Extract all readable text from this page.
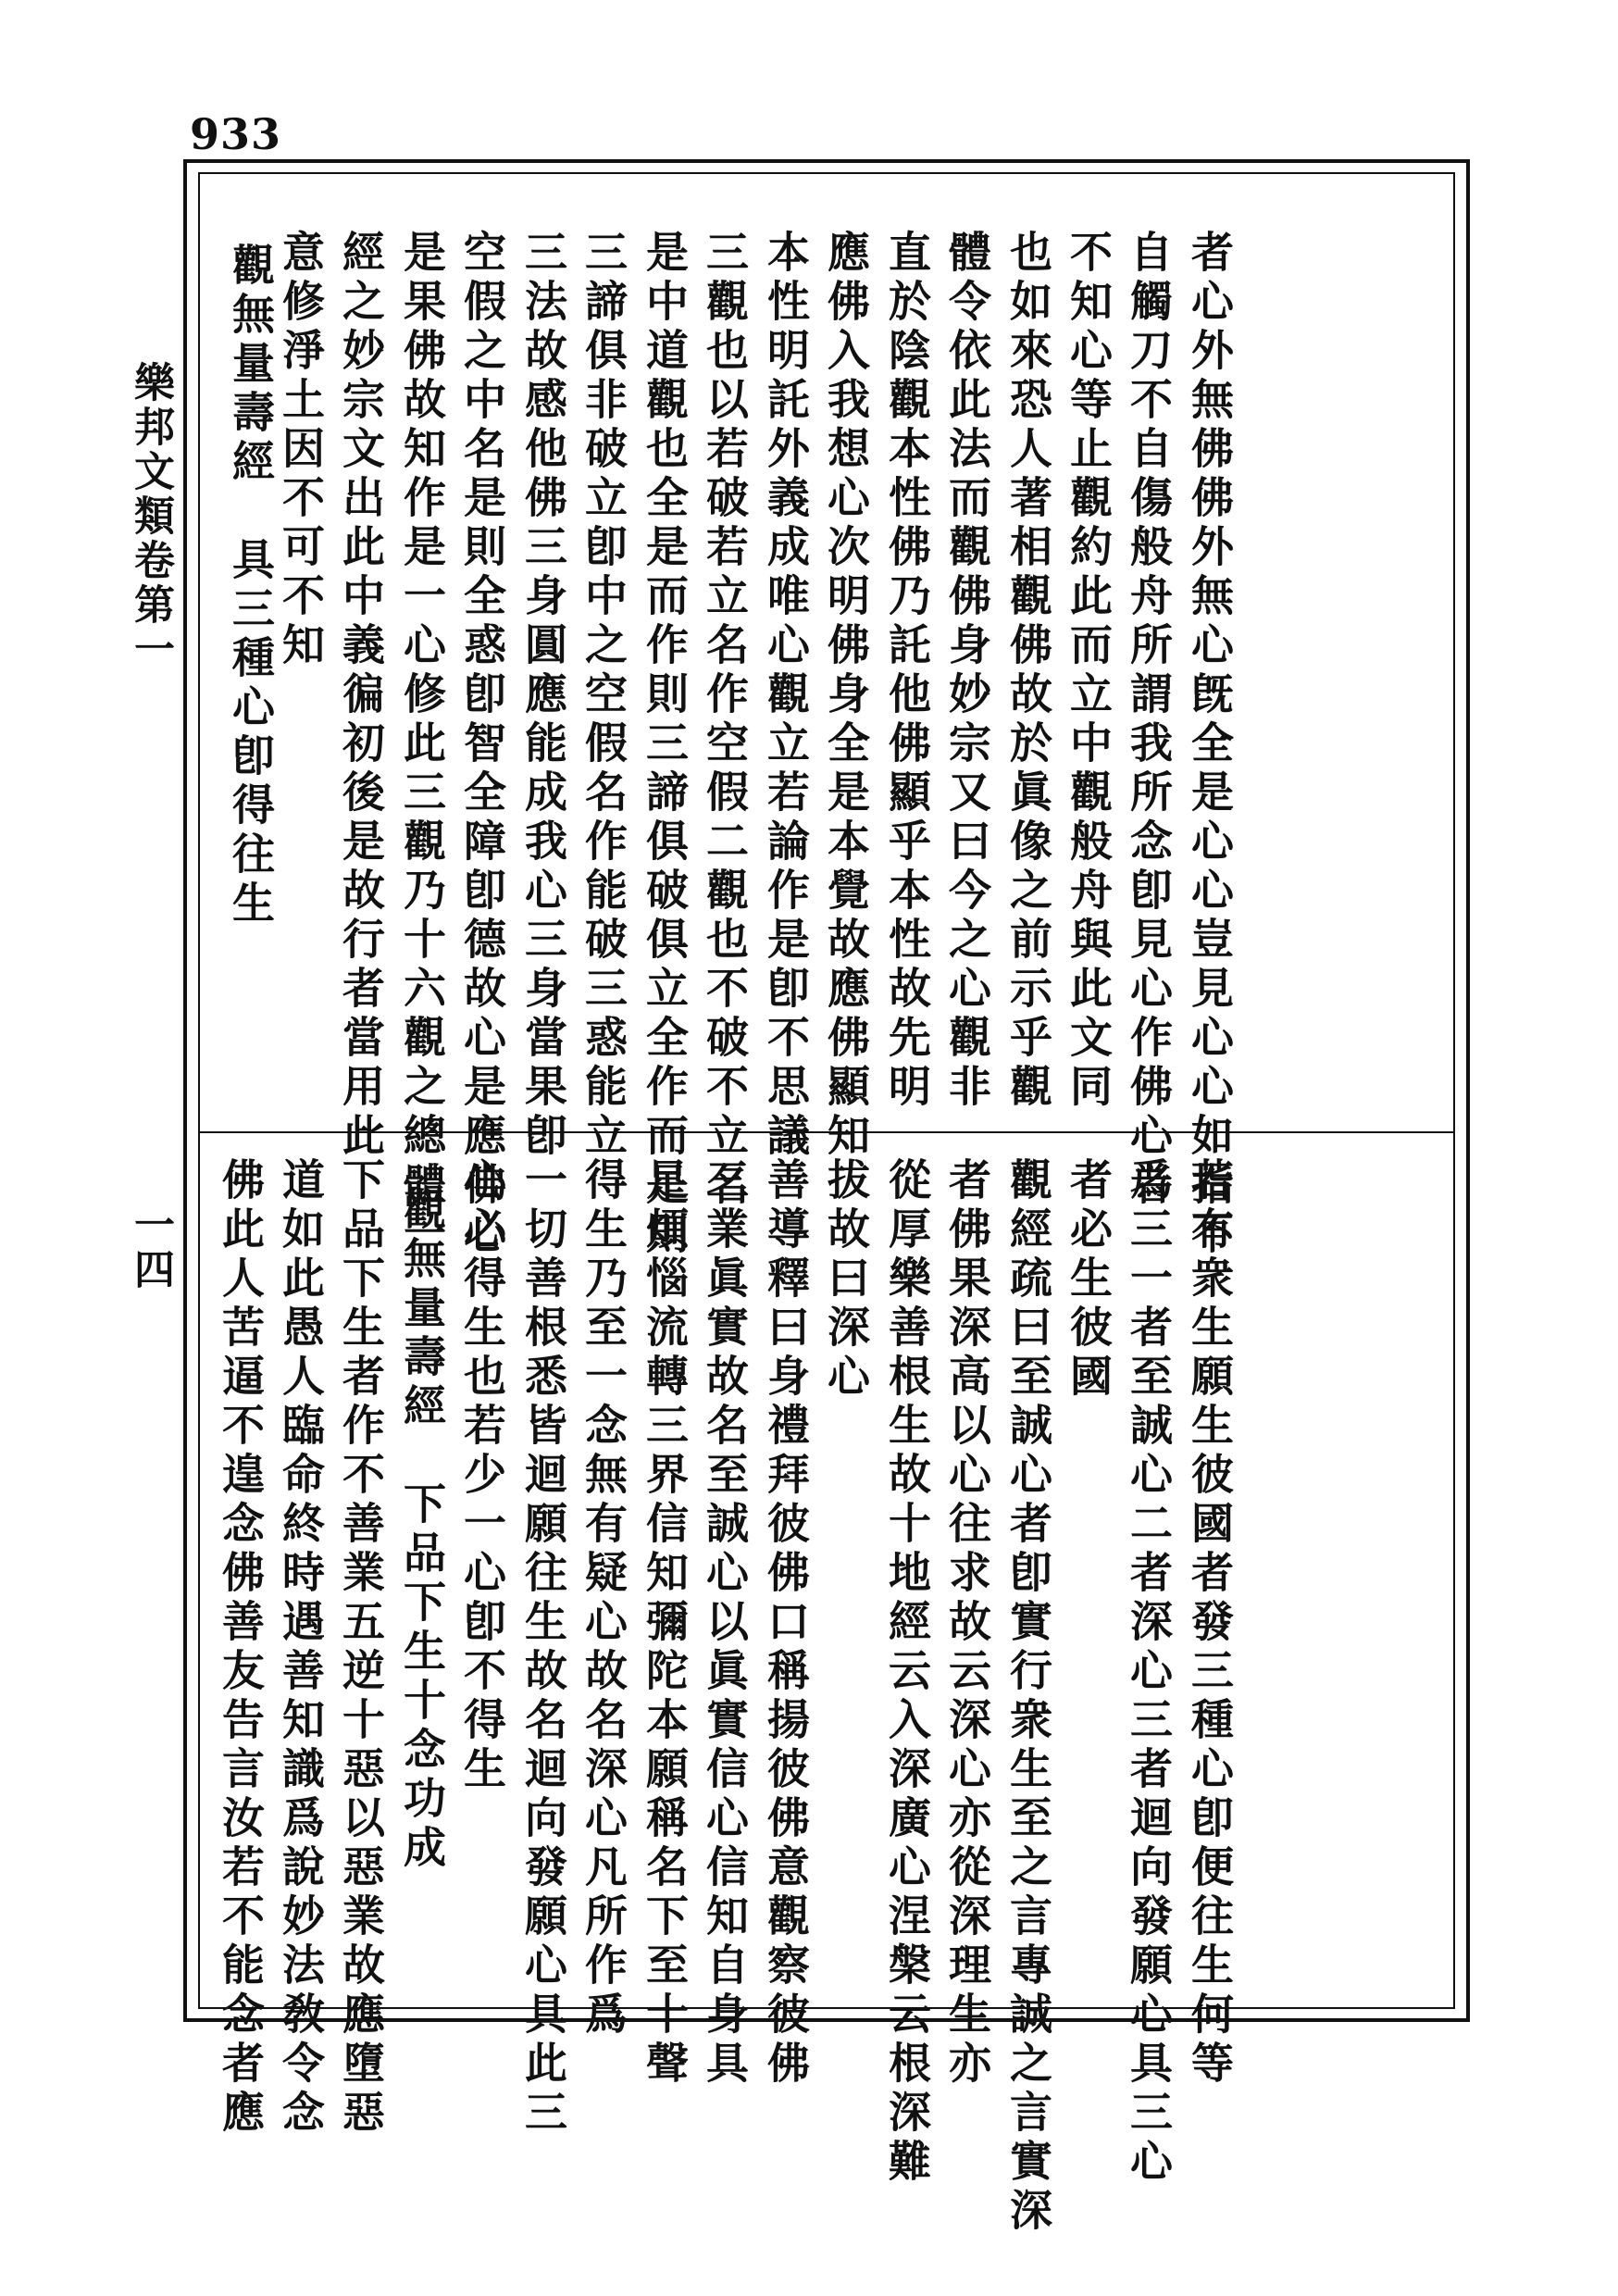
933
樂邦文類卷第一
一四	者心外無佛佛外無心旣全是心心豈見心心如指不
自觸刀不自傷般舟所謂我所念卽見心作佛心者
不知心等止觀約此而立中觀般舟與此文同
也如來恐人著相觀佛故於眞像之前示乎觀
體令依此法而觀佛身妙宗又曰今之心觀非
直於陰觀本性佛乃託他佛顯乎本性故先明
應佛入我想心次明佛身全是本覺故應佛顯知
本性明託外義成唯心觀立若論作是卽不思議
三觀也以若破若立名作空假二觀也不破不立名
是中道觀也全是而作則三諦俱破俱立全作而是則
三諦俱非破立卽中之空假名作能破三惑能立
三法故感他佛三身圓應能成我心三身當果卽
空假之中名是則全惑卽智全障卽德故心是應佛心
是果佛故知作是一心修此三觀乃十六觀之總體一
經之妙宗文出此中義徧初後是故行者當用此
意修淨土因不可不知
觀無量壽經　具三種心卽得往生
若有衆生願生彼國者發三種心卽便往生何等
爲三一者至誠心二者深心三者迴向發願心具三心
者必生彼國
觀經疏曰至誠心者卽實行衆生至之言專誠之言實深
者佛果深高以心往求故云深心亦從深理生亦
從厚樂善根生故十地經云入深廣心涅槃云根深難
拔故曰深心
善導釋曰身禮拜彼佛口稱揚彼佛意觀察彼佛
三業眞實故名至誠心以眞實信心信知自身具
足煩惱流轉三界信知彌陀本願稱名下至十聲
得生乃至一念無有疑心故名深心凡所作爲
一切善根悉皆迴願往生故名迴向發願心具此三
心必得生也若少一心卽不得生
觀無量壽經　下品下生十念功成
下品下生者作不善業五逆十惡以惡業故應墮惡
道如此愚人臨命終時遇善知識爲說妙法敎令念
佛此人苦逼不遑念佛善友告言汝若不能念者應
